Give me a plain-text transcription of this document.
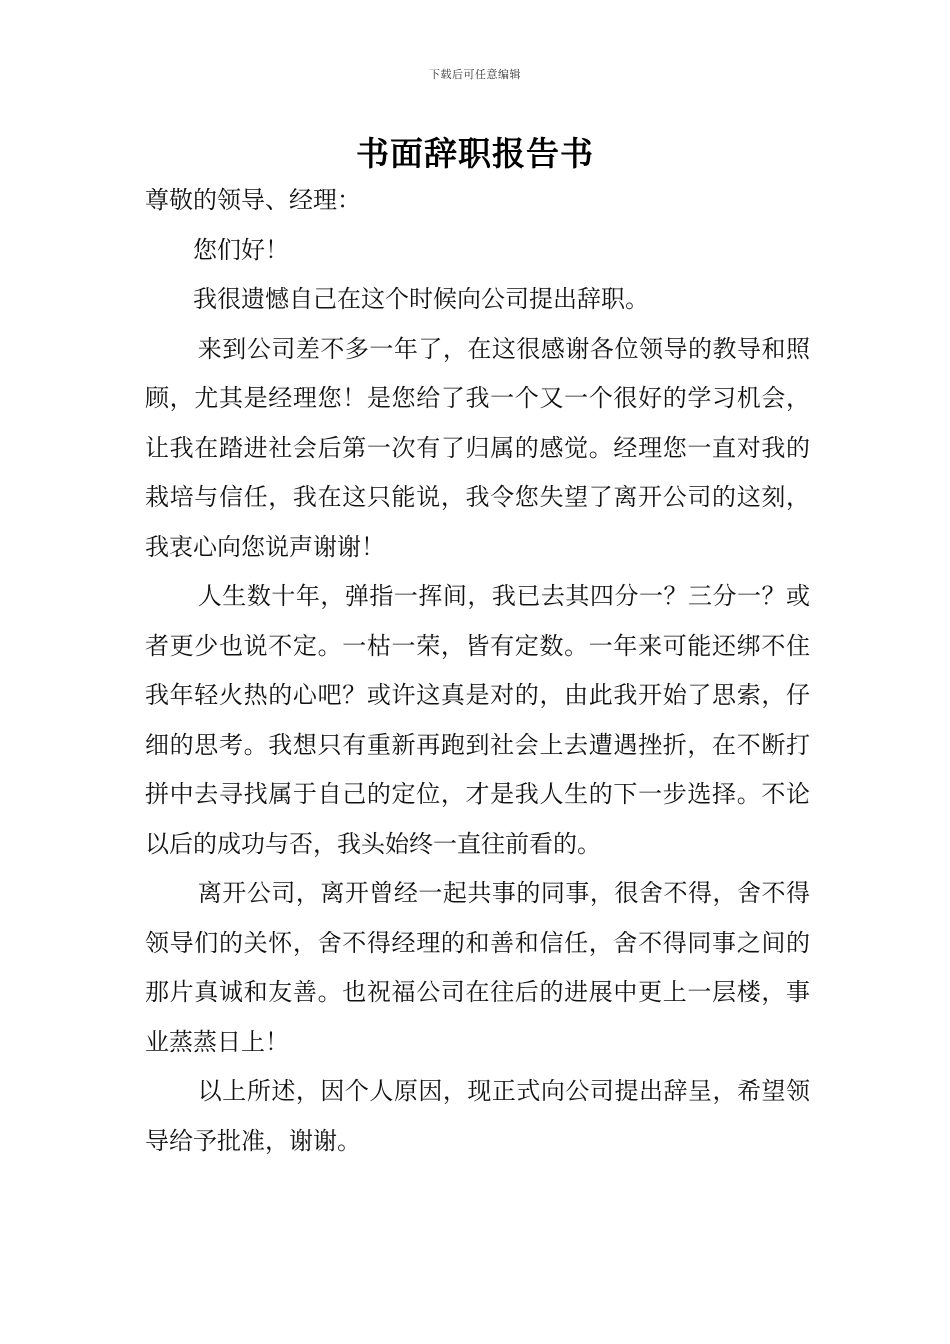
下载后可任意编辑
书面辞职报告书

尊敬的领导、经理：

您们好！

我很遗憾自己在这个时候向公司提出辞职。

来到公司差不多一年了，在这很感谢各位领导的教导和照顾，尤其是经理您！是您给了我一个又一个很好的学习机会，让我在踏进社会后第一次有了归属的感觉。经理您一直对我的栽培与信任，我在这只能说，我令您失望了离开公司的这刻，我衷心向您说声谢谢！

人生数十年，弹指一挥间，我已去其四分一？三分一？或者更少也说不定。一枯一荣，皆有定数。一年来可能还绑不住我年轻火热的心吧？或许这真是对的，由此我开始了思索，仔细的思考。我想只有重新再跑到社会上去遭遇挫折，在不断打拼中去寻找属于自己的定位，才是我人生的下一步选择。不论以后的成功与否，我头始终一直往前看的。

离开公司，离开曾经一起共事的同事，很舍不得，舍不得领导们的关怀，舍不得经理的和善和信任，舍不得同事之间的那片真诚和友善。也祝福公司在往后的进展中更上一层楼，事业蒸蒸日上！

以上所述，因个人原因，现正式向公司提出辞呈，希望领导给予批准，谢谢。
